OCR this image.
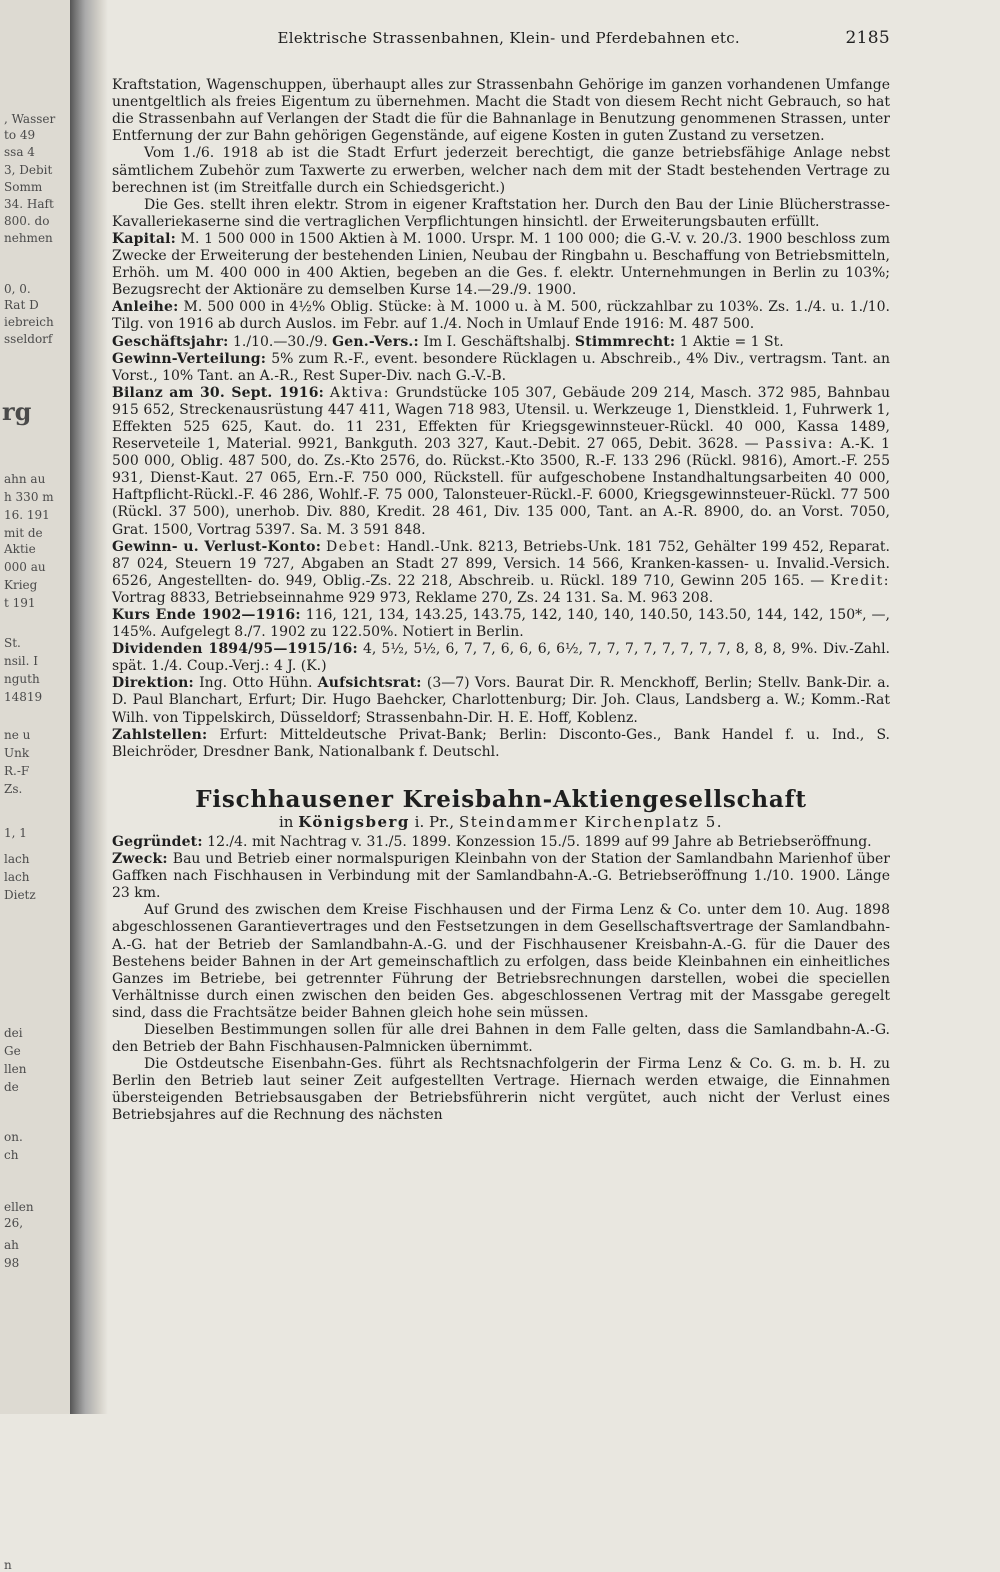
, Wasser
to 49
ssa 4
3, Debit
Somm
34. Haft
800. do
nehmen
0, 0.
Rat D
iebreich
sseldorf
rg
ahn au
h 330 m
16. 191
mit de
Aktie
000 au
Krieg
t 191
St.
nsil. I
nguth
14819
ne u
Unk
R.-F
Zs.
1, 1
lach
lach
Dietz
dei
Ge
llen
de
on.
ch
ellen
26,
ah
98
n
Elektrische Strassenbahnen, Klein- und Pferdebahnen etc.	2185

Kraftstation, Wagenschuppen, überhaupt alles zur Strassenbahn Gehörige im ganzen vorhandenen Umfange unentgeltlich als freies Eigentum zu übernehmen. Macht die Stadt von diesem Recht nicht Gebrauch, so hat die Strassenbahn auf Verlangen der Stadt die für die Bahnanlage in Benutzung genommenen Strassen, unter Entfernung der zur Bahn gehörigen Gegenstände, auf eigene Kosten in guten Zustand zu versetzen.

Vom 1./6. 1918 ab ist die Stadt Erfurt jederzeit berechtigt, die ganze betriebsfähige Anlage nebst sämtlichem Zubehör zum Taxwerte zu erwerben, welcher nach dem mit der Stadt bestehenden Vertrage zu berechnen ist (im Streitfalle durch ein Schiedsgericht.)

Die Ges. stellt ihren elektr. Strom in eigener Kraftstation her. Durch den Bau der Linie Blücherstrasse-Kavalleriekaserne sind die vertraglichen Verpflichtungen hinsichtl. der Erweiterungsbauten erfüllt.

Kapital: M. 1 500 000 in 1500 Aktien à M. 1000. Urspr. M. 1 100 000; die G.-V. v. 20./3. 1900 beschloss zum Zwecke der Erweiterung der bestehenden Linien, Neubau der Ringbahn u. Beschaffung von Betriebsmitteln, Erhöh. um M. 400 000 in 400 Aktien, begeben an die Ges. f. elektr. Unternehmungen in Berlin zu 103%; Bezugsrecht der Aktionäre zu demselben Kurse 14.—29./9. 1900.

Anleihe: M. 500 000 in 4½% Oblig. Stücke: à M. 1000 u. à M. 500, rückzahlbar zu 103%. Zs. 1./4. u. 1./10. Tilg. von 1916 ab durch Auslos. im Febr. auf 1./4. Noch in Umlauf Ende 1916: M. 487 500.

Geschäftsjahr: 1./10.—30./9. Gen.-Vers.: Im I. Geschäftshalbj. Stimmrecht: 1 Aktie = 1 St.

Gewinn-Verteilung: 5% zum R.-F., event. besondere Rücklagen u. Abschreib., 4% Div., vertragsm. Tant. an Vorst., 10% Tant. an A.-R., Rest Super-Div. nach G.-V.-B.

Bilanz am 30. Sept. 1916: Aktiva: Grundstücke 105 307, Gebäude 209 214, Masch. 372 985, Bahnbau 915 652, Streckenausrüstung 447 411, Wagen 718 983, Utensil. u. Werkzeuge 1, Dienstkleid. 1, Fuhrwerk 1, Effekten 525 625, Kaut. do. 11 231, Effekten für Kriegsgewinnsteuer-Rückl. 40 000, Kassa 1489, Reserveteile 1, Material. 9921, Bankguth. 203 327, Kaut.-Debit. 27 065, Debit. 3628. — Passiva: A.-K. 1 500 000, Oblig. 487 500, do. Zs.-Kto 2576, do. Rückst.-Kto 3500, R.-F. 133 296 (Rückl. 9816), Amort.-F. 255 931, Dienst-Kaut. 27 065, Ern.-F. 750 000, Rückstell. für aufgeschobene Instandhaltungsarbeiten 40 000, Haftpflicht-Rückl.-F. 46 286, Wohlf.-F. 75 000, Talonsteuer-Rückl.-F. 6000, Kriegsgewinnsteuer-Rückl. 77 500 (Rückl. 37 500), unerhob. Div. 880, Kredit. 28 461, Div. 135 000, Tant. an A.-R. 8900, do. an Vorst. 7050, Grat. 1500, Vortrag 5397. Sa. M. 3 591 848.

Gewinn- u. Verlust-Konto: Debet: Handl.-Unk. 8213, Betriebs-Unk. 181 752, Gehälter 199 452, Reparat. 87 024, Steuern 19 727, Abgaben an Stadt 27 899, Versich. 14 566, Kranken-kassen- u. Invalid.-Versich. 6526, Angestellten- do. 949, Oblig.-Zs. 22 218, Abschreib. u. Rückl. 189 710, Gewinn 205 165. — Kredit: Vortrag 8833, Betriebseinnahme 929 973, Reklame 270, Zs. 24 131. Sa. M. 963 208.

Kurs Ende 1902—1916: 116, 121, 134, 143.25, 143.75, 142, 140, 140, 140.50, 143.50, 144, 142, 150*, —, 145%. Aufgelegt 8./7. 1902 zu 122.50%. Notiert in Berlin.

Dividenden 1894/95—1915/16: 4, 5½, 5½, 6, 7, 7, 6, 6, 6, 6½, 7, 7, 7, 7, 7, 7, 7, 7, 8, 8, 8, 9%. Div.-Zahl. spät. 1./4. Coup.-Verj.: 4 J. (K.)

Direktion: Ing. Otto Hühn. Aufsichtsrat: (3—7) Vors. Baurat Dir. R. Menckhoff, Berlin; Stellv. Bank-Dir. a. D. Paul Blanchart, Erfurt; Dir. Hugo Baehcker, Charlottenburg; Dir. Joh. Claus, Landsberg a. W.; Komm.-Rat Wilh. von Tippelskirch, Düsseldorf; Strassenbahn-Dir. H. E. Hoff, Koblenz.

Zahlstellen: Erfurt: Mitteldeutsche Privat-Bank; Berlin: Disconto-Ges., Bank Handel f. u. Ind., S. Bleichröder, Dresdner Bank, Nationalbank f. Deutschl.

Fischhausener Kreisbahn-Aktiengesellschaft
in Königsberg i. Pr., Steindammer Kirchenplatz 5.

Gegründet: 12./4. mit Nachtrag v. 31./5. 1899. Konzession 15./5. 1899 auf 99 Jahre ab Betriebseröffnung.

Zweck: Bau und Betrieb einer normalspurigen Kleinbahn von der Station der Samlandbahn Marienhof über Gaffken nach Fischhausen in Verbindung mit der Samlandbahn-A.-G. Betriebseröffnung 1./10. 1900. Länge 23 km.

Auf Grund des zwischen dem Kreise Fischhausen und der Firma Lenz & Co. unter dem 10. Aug. 1898 abgeschlossenen Garantievertrages und den Festsetzungen in dem Gesellschaftsvertrage der Samlandbahn-A.-G. hat der Betrieb der Samlandbahn-A.-G. und der Fischhausener Kreisbahn-A.-G. für die Dauer des Bestehens beider Bahnen in der Art gemeinschaftlich zu erfolgen, dass beide Kleinbahnen ein einheitliches Ganzes im Betriebe, bei getrennter Führung der Betriebsrechnungen darstellen, wobei die speciellen Verhältnisse durch einen zwischen den beiden Ges. abgeschlossenen Vertrag mit der Massgabe geregelt sind, dass die Frachtsätze beider Bahnen gleich hohe sein müssen.

Dieselben Bestimmungen sollen für alle drei Bahnen in dem Falle gelten, dass die Samlandbahn-A.-G. den Betrieb der Bahn Fischhausen-Palmnicken übernimmt.

Die Ostdeutsche Eisenbahn-Ges. führt als Rechtsnachfolgerin der Firma Lenz & Co. G. m. b. H. zu Berlin den Betrieb laut seiner Zeit aufgestellten Vertrage. Hiernach werden etwaige, die Einnahmen übersteigenden Betriebsausgaben der Betriebsführerin nicht vergütet, auch nicht der Verlust eines Betriebsjahres auf die Rechnung des nächsten
